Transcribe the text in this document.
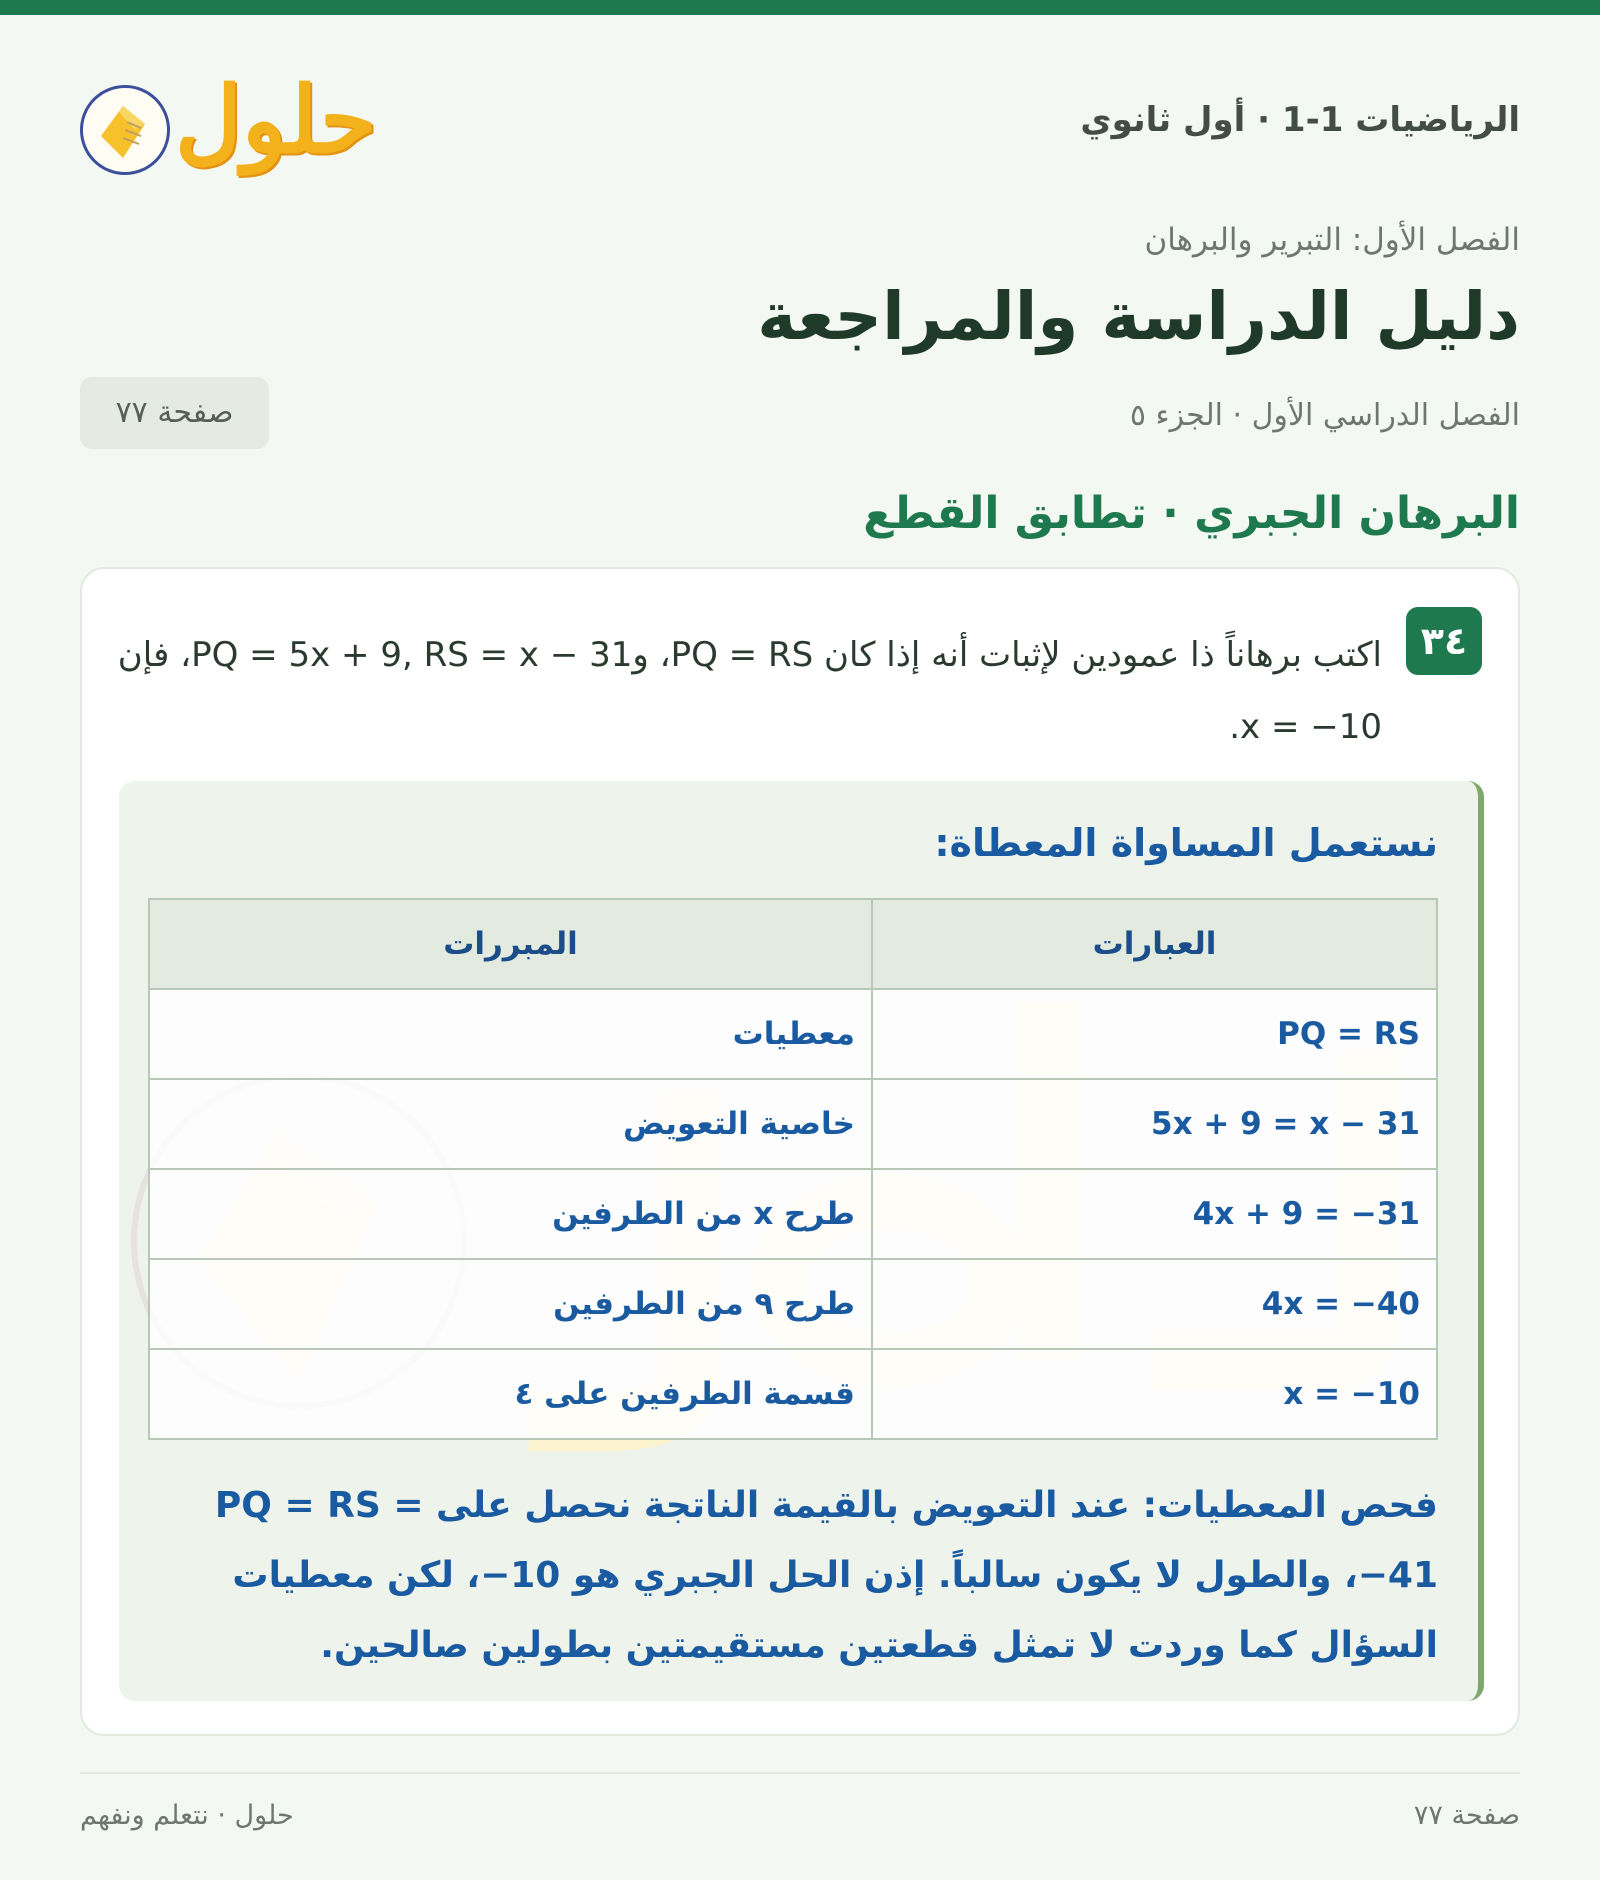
الرياضيات 1-1 · أول ثانوي
حلول
الفصل الأول: التبرير والبرهان
دليل الدراسة والمراجعة
الفصل الدراسي الأول · الجزء ٥
صفحة ٧٧
البرهان الجبري · تطابق القطع
٣٤
اكتب برهاناً ذا عمودين لإثبات أنه إذا كان PQ = RS، وPQ = 5x + 9, RS = x − 31، فإن x = −10.
نستعمل المساواة المعطاة:
العبارات	المبررات
PQ = RS	معطيات
5x + 9 = x − 31	خاصية التعويض
4x + 9 = −31	طرح x من الطرفين
4x = −40	طرح ٩ من الطرفين
x = −10	قسمة الطرفين على ٤
فحص المعطيات: عند التعويض بالقيمة الناتجة نحصل على PQ = RS = −41، والطول لا يكون سالباً. إذن الحل الجبري هو 10−، لكن معطيات السؤال كما وردت لا تمثل قطعتين مستقيمتين بطولين صالحين.
صفحة ٧٧
حلول · نتعلم ونفهم
